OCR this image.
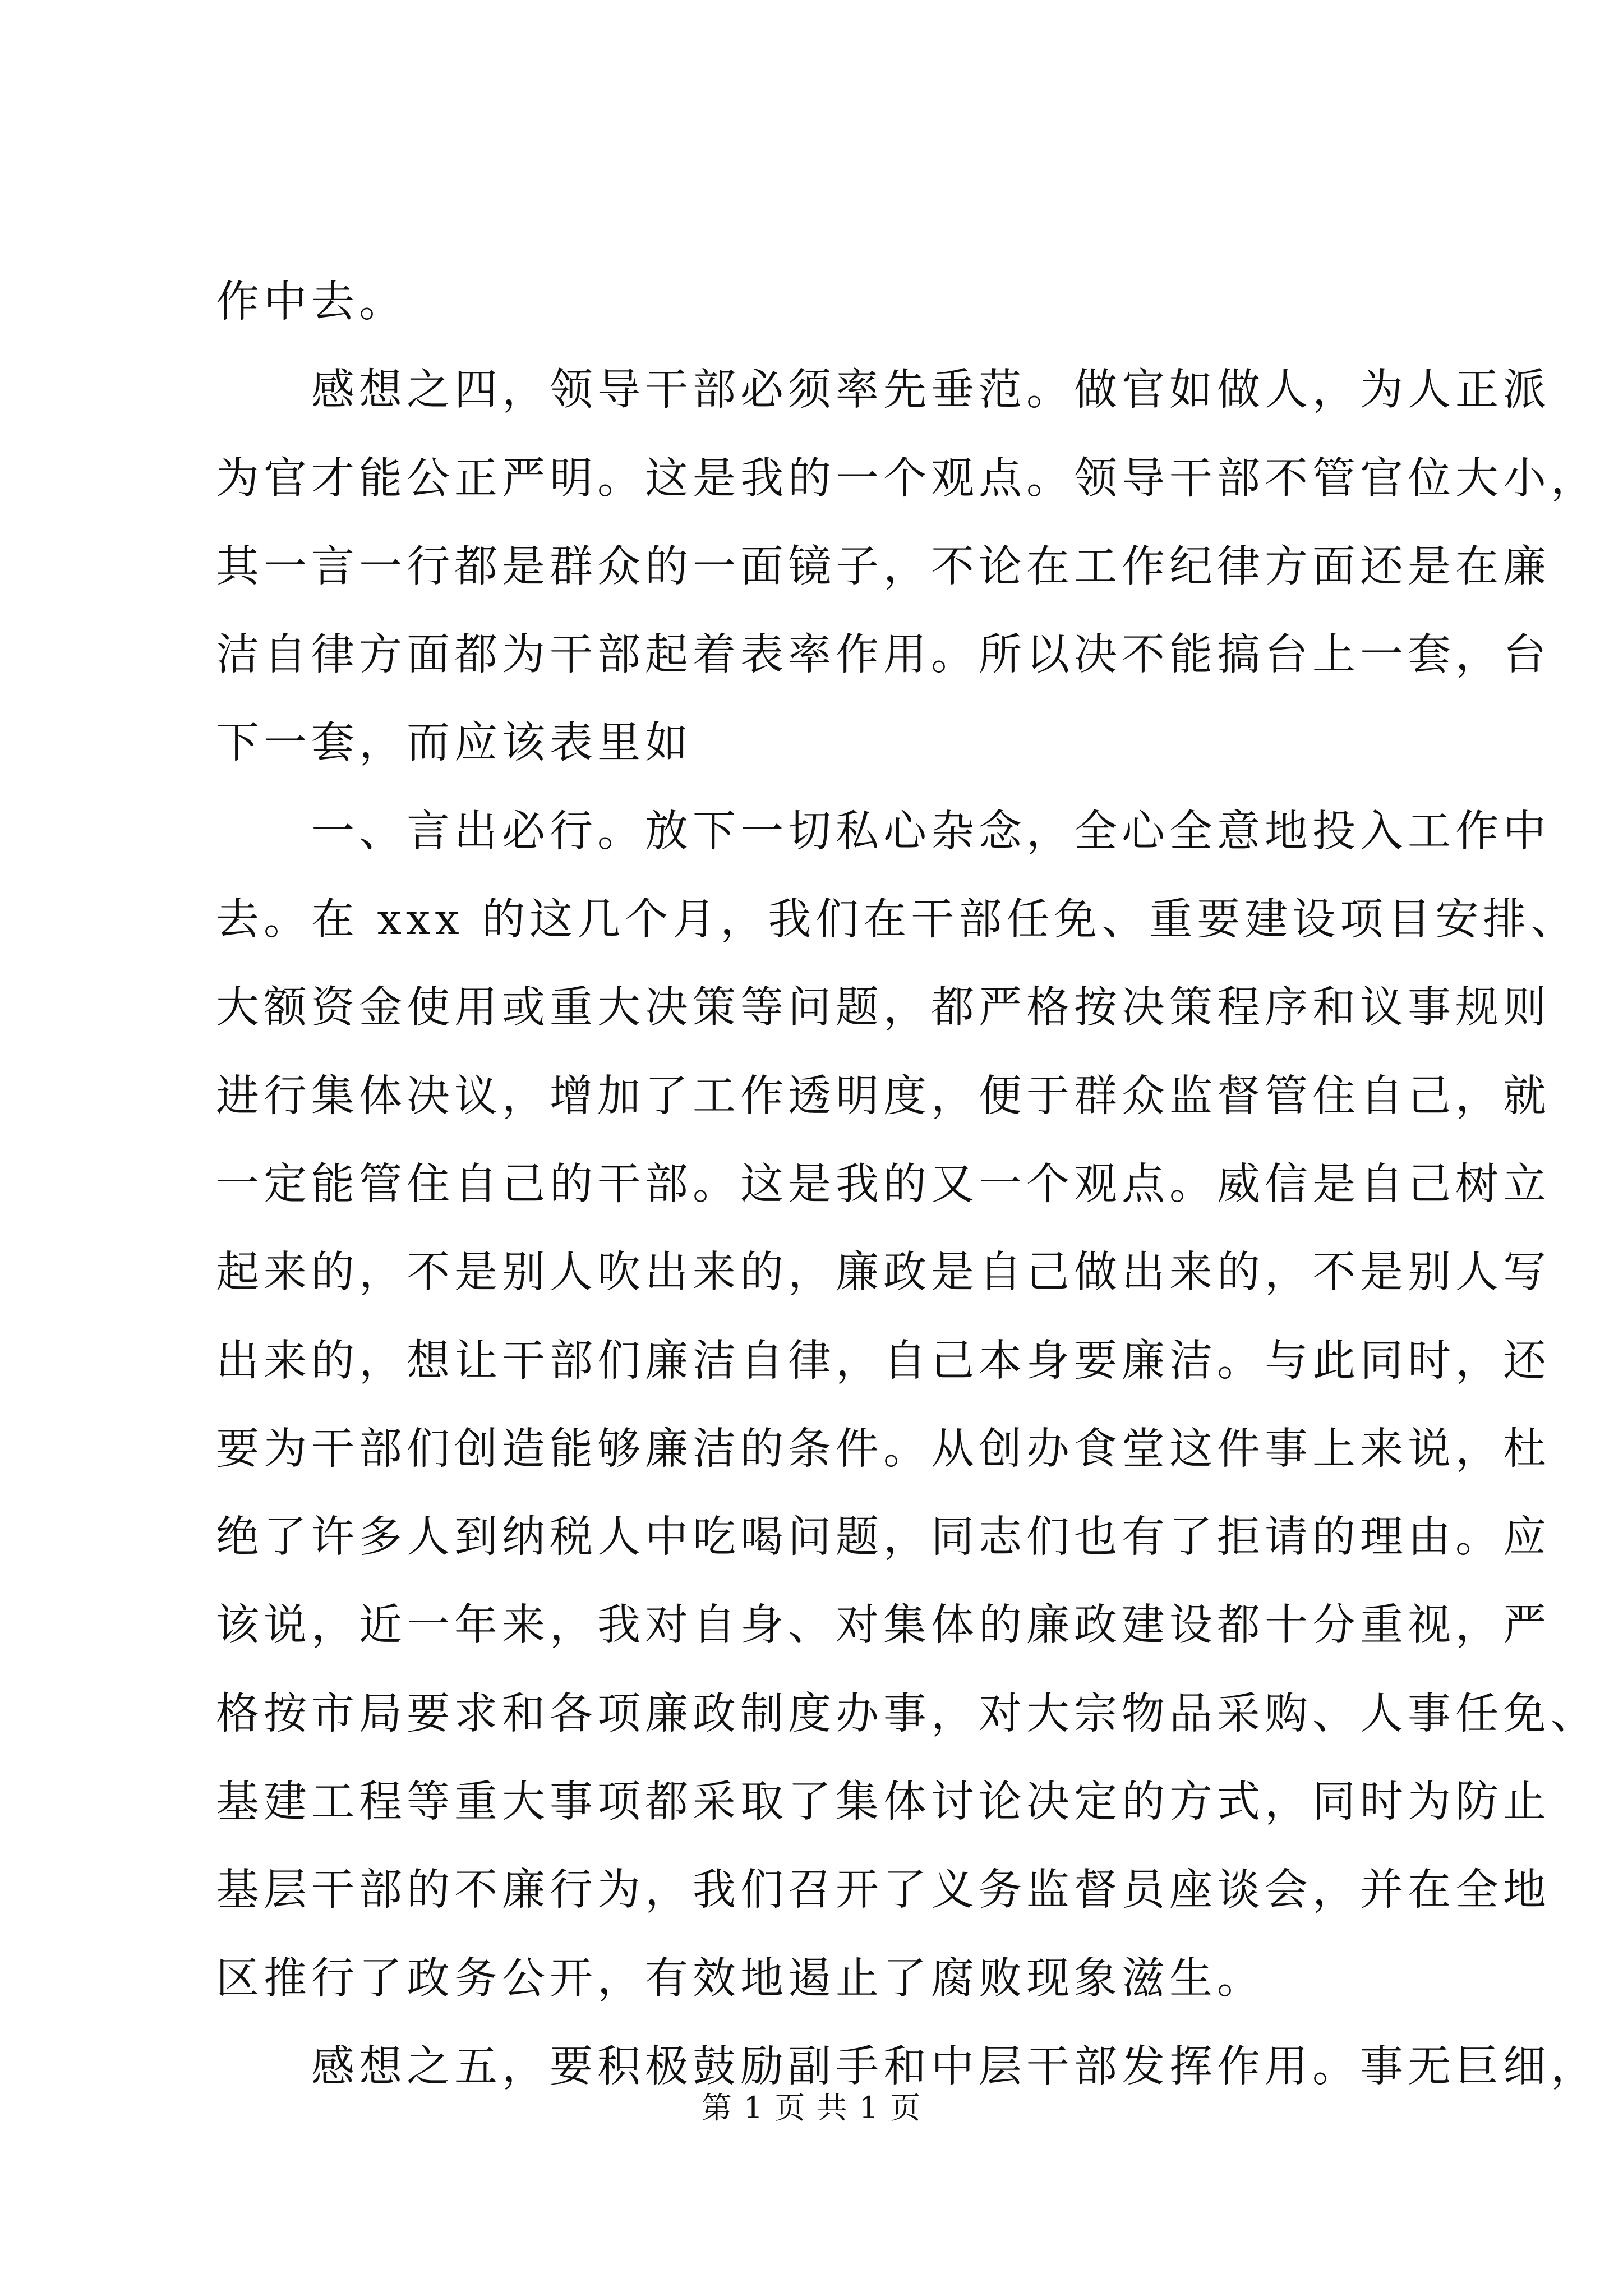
作中去。
　　感想之四，领导干部必须率先垂范。做官如做人，为人正派
为官才能公正严明。这是我的一个观点。领导干部不管官位大小，
其一言一行都是群众的一面镜子，不论在工作纪律方面还是在廉
洁自律方面都为干部起着表率作用。所以决不能搞台上一套，台
下一套，而应该表里如
　　一、言出必行。放下一切私心杂念，全心全意地投入工作中
去。在 xxx 的这几个月，我们在干部任免、重要建设项目安排、
大额资金使用或重大决策等问题，都严格按决策程序和议事规则
进行集体决议，增加了工作透明度，便于群众监督管住自己，就
一定能管住自己的干部。这是我的又一个观点。威信是自己树立
起来的，不是别人吹出来的，廉政是自己做出来的，不是别人写
出来的，想让干部们廉洁自律，自己本身要廉洁。与此同时，还
要为干部们创造能够廉洁的条件。从创办食堂这件事上来说，杜
绝了许多人到纳税人中吃喝问题，同志们也有了拒请的理由。应
该说，近一年来，我对自身、对集体的廉政建设都十分重视，严
格按市局要求和各项廉政制度办事，对大宗物品采购、人事任免、
基建工程等重大事项都采取了集体讨论决定的方式，同时为防止
基层干部的不廉行为，我们召开了义务监督员座谈会，并在全地
区推行了政务公开，有效地遏止了腐败现象滋生。
　　感想之五，要积极鼓励副手和中层干部发挥作用。事无巨细，
第 1 页 共 1 页
